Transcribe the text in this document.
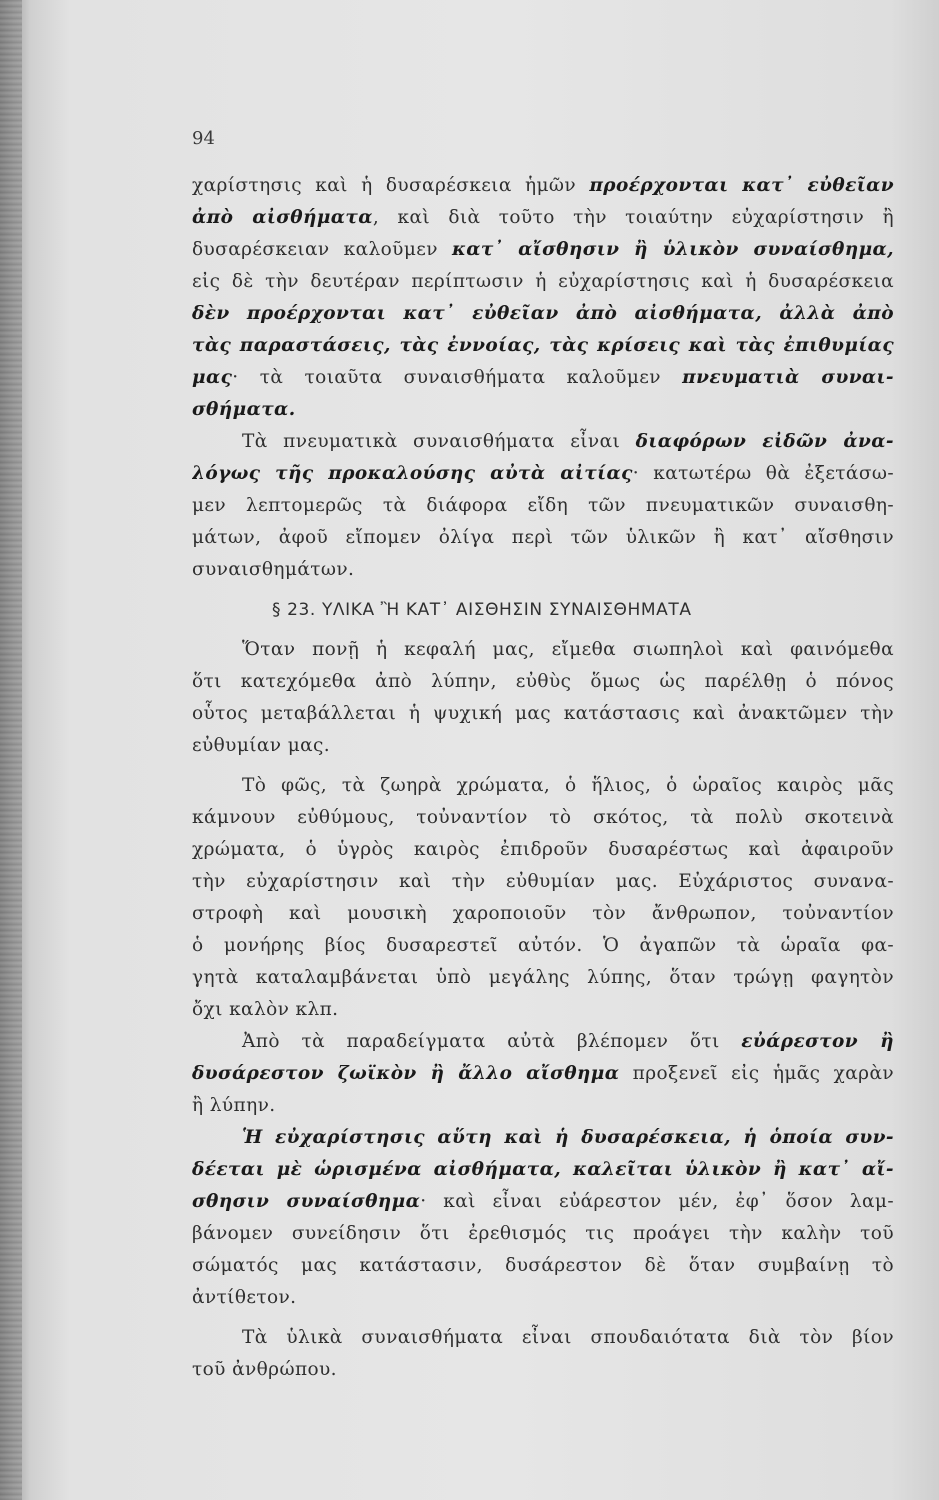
94
χαρίστησις καὶ ἡ δυσαρέσκεια ἡμῶν προέρχονται κατ᾿ εὐθεῖαν
ἀπὸ αἰσθήματα, καὶ διὰ τοῦτο τὴν τοιαύτην εὐχαρίστησιν ἢ
δυσαρέσκειαν καλοῦμεν κατ᾿ αἴσθησιν ἢ ὑλικὸν συναίσθημα,
εἰς δὲ τὴν δευτέραν περίπτωσιν ἡ εὐχαρίστησις καὶ ἡ δυσαρέσκεια
δὲν προέρχονται κατ᾿ εὐθεῖαν ἀπὸ αἰσθήματα, ἀλλὰ ἀπὸ
τὰς παραστάσεις, τὰς ἐννοίας, τὰς κρίσεις καὶ τὰς ἐπιθυμίας
μας· τὰ τοιαῦτα συναισθήματα καλοῦμεν πνευματιὰ συναι-
σθήματα.
Τὰ πνευματικὰ συναισθήματα εἶναι διαφόρων εἰδῶν ἀνα-
λόγως τῆς προκαλούσης αὐτὰ αἰτίας· κατωτέρω θὰ ἐξετάσω-
μεν λεπτομερῶς τὰ διάφορα εἴδη τῶν πνευματικῶν συναισθη-
μάτων, ἀφοῦ εἴπομεν ὀλίγα περὶ τῶν ὑλικῶν ἢ κατ᾿ αἴσθησιν
συναισθημάτων.
§ 23. ΥΛΙΚΑ Ἢ ΚΑΤ᾿ ΑΙΣΘΗΣΙΝ ΣΥΝΑΙΣΘΗΜΑΤΑ
Ὅταν πονῇ ἡ κεφαλή μας, εἴμεθα σιωπηλοὶ καὶ φαινόμεθα
ὅτι κατεχόμεθα ἀπὸ λύπην, εὐθὺς ὅμως ὡς παρέλθῃ ὁ πόνος
οὗτος μεταβάλλεται ἡ ψυχική μας κατάστασις καὶ ἀνακτῶμεν τὴν
εὐθυμίαν μας.
Τὸ φῶς, τὰ ζωηρὰ χρώματα, ὁ ἥλιος, ὁ ὡραῖος καιρὸς μᾶς
κάμνουν εὐθύμους, τοὐναντίον τὸ σκότος, τὰ πολὺ σκοτεινὰ
χρώματα, ὁ ὑγρὸς καιρὸς ἐπιδροῦν δυσαρέστως καὶ ἀφαιροῦν
τὴν εὐχαρίστησιν καὶ τὴν εὐθυμίαν μας. Εὐχάριστος συνανα-
στροφὴ καὶ μουσικὴ χαροποιοῦν τὸν ἄνθρωπον, τοὐναντίον
ὁ μονήρης βίος δυσαρεστεῖ αὐτόν. Ὁ ἀγαπῶν τὰ ὡραῖα φα-
γητὰ καταλαμβάνεται ὑπὸ μεγάλης λύπης, ὅταν τρώγῃ φαγητὸν
ὄχι καλὸν κλπ.
Ἀπὸ τὰ παραδείγματα αὐτὰ βλέπομεν ὅτι εὐάρεστον ἢ
δυσάρεστον ζωϊκὸν ἢ ἄλλο αἴσθημα προξενεῖ εἰς ἡμᾶς χαρὰν
ἢ λύπην.
Ἡ εὐχαρίστησις αὕτη καὶ ἡ δυσαρέσκεια, ἡ ὁποία συν-
δέεται μὲ ὡρισμένα αἰσθήματα, καλεῖται ὑλικὸν ἢ κατ᾿ αἴ-
σθησιν συναίσθημα· καὶ εἶναι εὐάρεστον μέν, ἐφ᾿ ὅσον λαμ-
βάνομεν συνείδησιν ὅτι ἐρεθισμός τις προάγει τὴν καλὴν τοῦ
σώματός μας κατάστασιν, δυσάρεστον δὲ ὅταν συμβαίνῃ τὸ
ἀντίθετον.
Τὰ ὑλικὰ συναισθήματα εἶναι σπουδαιότατα διὰ τὸν βίον
τοῦ ἀνθρώπου.
